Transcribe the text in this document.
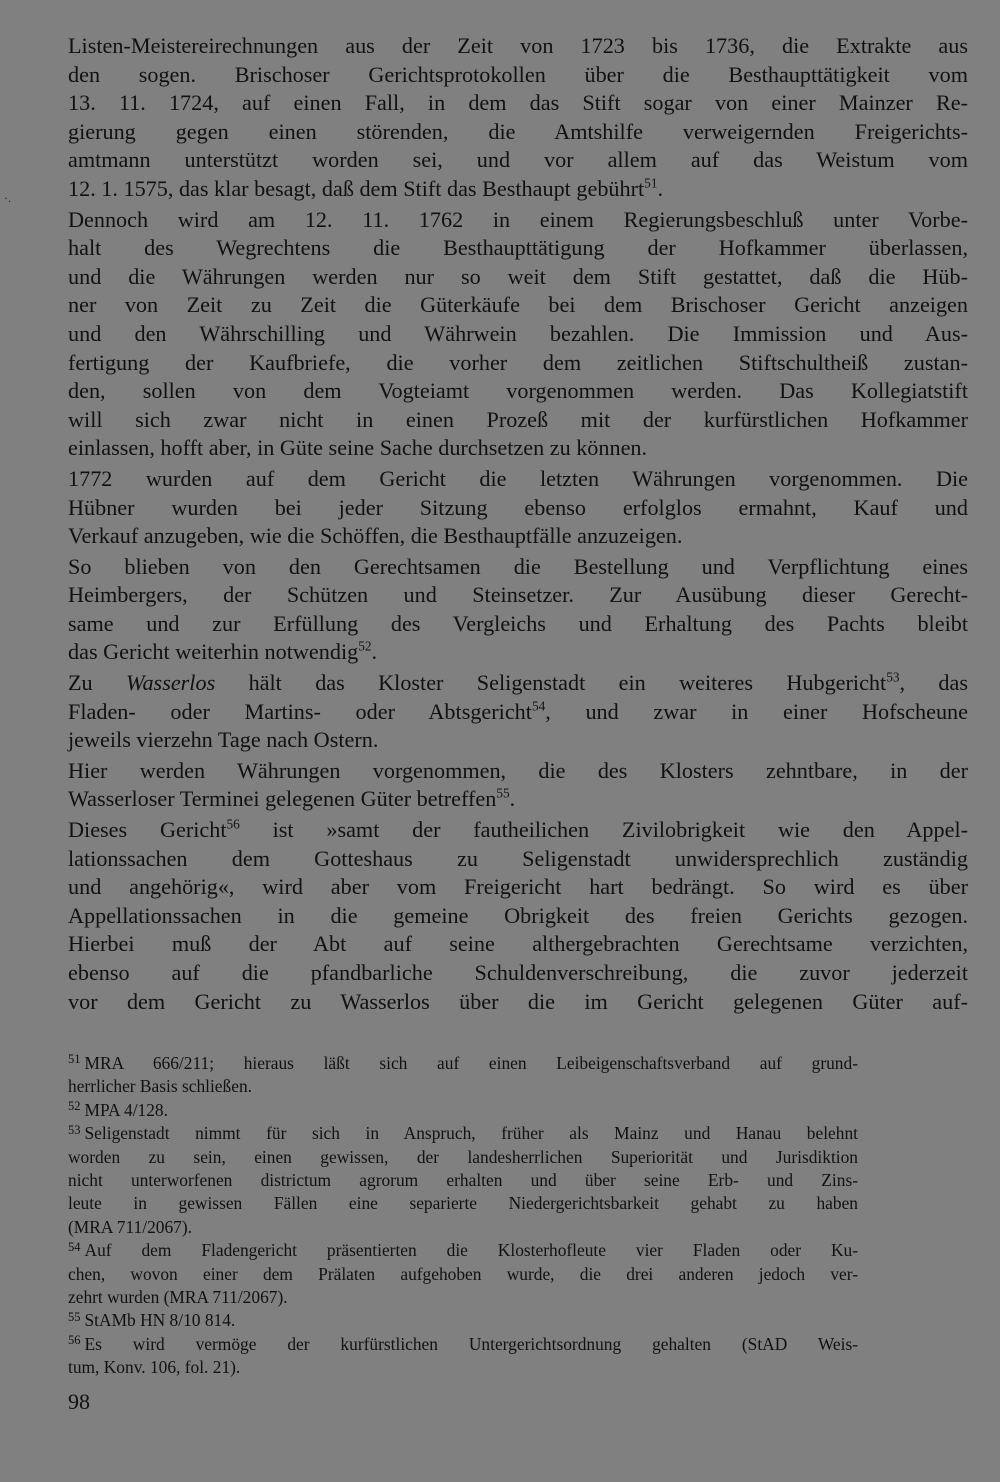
·.
Listen-Meistereirechnungen aus der Zeit von 1723 bis 1736, die Extrakte aus
den sogen. Brischoser Gerichtsprotokollen über die Besthaupttätigkeit vom
13. 11. 1724, auf einen Fall, in dem das Stift sogar von einer Mainzer Re-
gierung gegen einen störenden, die Amtshilfe verweigernden Freigerichts-
amtmann unterstützt worden sei, und vor allem auf das Weistum vom
12. 1. 1575, das klar besagt, daß dem Stift das Besthaupt gebührt$^{51}$.
Dennoch wird am 12. 11. 1762 in einem Regierungsbeschluß unter Vorbe-
halt des Wegrechtens die Besthaupttätigung der Hofkammer überlassen,
und die Währungen werden nur so weit dem Stift gestattet, daß die Hüb-
ner von Zeit zu Zeit die Güterkäufe bei dem Brischoser Gericht anzeigen
und den Währschilling und Währwein bezahlen. Die Immission und Aus-
fertigung der Kaufbriefe, die vorher dem zeitlichen Stiftschultheiß zustan-
den, sollen von dem Vogteiamt vorgenommen werden. Das Kollegiatstift
will sich zwar nicht in einen Prozeß mit der kurfürstlichen Hofkammer
einlassen, hofft aber, in Güte seine Sache durchsetzen zu können.
1772 wurden auf dem Gericht die letzten Währungen vorgenommen. Die
Hübner wurden bei jeder Sitzung ebenso erfolglos ermahnt, Kauf und
Verkauf anzugeben, wie die Schöffen, die Besthauptfälle anzuzeigen.
So blieben von den Gerechtsamen die Bestellung und Verpflichtung eines
Heimbergers, der Schützen und Steinsetzer. Zur Ausübung dieser Gerecht-
same und zur Erfüllung des Vergleichs und Erhaltung des Pachts bleibt
das Gericht weiterhin notwendig$^{52}$.
Zu Wasserlos hält das Kloster Seligenstadt ein weiteres Hubgericht$^{53}$, das
Fladen- oder Martins- oder Abtsgericht$^{54}$, und zwar in einer Hofscheune
jeweils vierzehn Tage nach Ostern.
Hier werden Währungen vorgenommen, die des Klosters zehntbare, in der
Wasserloser Terminei gelegenen Güter betreffen$^{55}$.
Dieses Gericht$^{56}$ ist »samt der fautheilichen Zivilobrigkeit wie den Appel-
lationssachen dem Gotteshaus zu Seligenstadt unwidersprechlich zuständig
und angehörig«, wird aber vom Freigericht hart bedrängt. So wird es über
Appellationssachen in die gemeine Obrigkeit des freien Gerichts gezogen.
Hierbei muß der Abt auf seine althergebrachten Gerechtsame verzichten,
ebenso auf die pfandbarliche Schuldenverschreibung, die zuvor jederzeit
vor dem Gericht zu Wasserlos über die im Gericht gelegenen Güter auf-
$^{51}$ MRA 666/211; hieraus läßt sich auf einen Leibeigenschaftsverband auf grund-
herrlicher Basis schließen.
$^{52}$ MPA 4/128.
$^{53}$ Seligenstadt nimmt für sich in Anspruch, früher als Mainz und Hanau belehnt
worden zu sein, einen gewissen, der landesherrlichen Superiorität und Jurisdiktion
nicht unterworfenen districtum agrorum erhalten und über seine Erb- und Zins-
leute in gewissen Fällen eine separierte Niedergerichtsbarkeit gehabt zu haben
(MRA 711/2067).
$^{54}$ Auf dem Fladengericht präsentierten die Klosterhofleute vier Fladen oder Ku-
chen, wovon einer dem Prälaten aufgehoben wurde, die drei anderen jedoch ver-
zehrt wurden (MRA 711/2067).
$^{55}$ StAMb HN 8/10 814.
$^{56}$ Es wird vermöge der kurfürstlichen Untergerichtsordnung gehalten (StAD Weis-
tum, Konv. 106, fol. 21).
98
